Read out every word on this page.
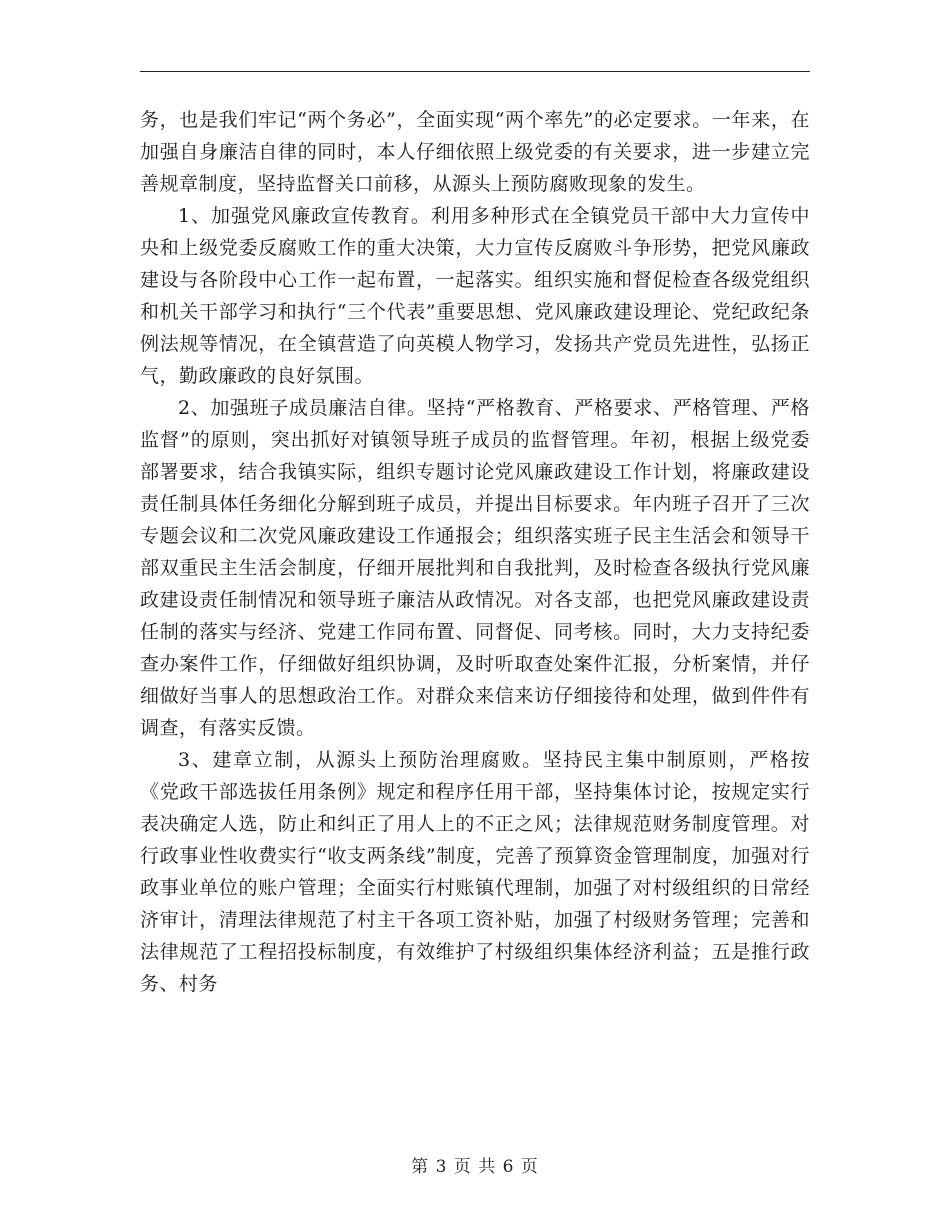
务，也是我们牢记“两个务必”，全面实现“两个率先”的必定要求。一年来，在加强自身廉洁自律的同时，本人仔细依照上级党委的有关要求，进一步建立完善规章制度，坚持监督关口前移，从源头上预防腐败现象的发生。

1、加强党风廉政宣传教育。利用多种形式在全镇党员干部中大力宣传中央和上级党委反腐败工作的重大决策，大力宣传反腐败斗争形势，把党风廉政建设与各阶段中心工作一起布置，一起落实。组织实施和督促检查各级党组织和机关干部学习和执行“三个代表”重要思想、党风廉政建设理论、党纪政纪条例法规等情况，在全镇营造了向英模人物学习，发扬共产党员先进性，弘扬正气，勤政廉政的良好氛围。

2、加强班子成员廉洁自律。坚持“严格教育、严格要求、严格管理、严格监督”的原则，突出抓好对镇领导班子成员的监督管理。年初，根据上级党委部署要求，结合我镇实际，组织专题讨论党风廉政建设工作计划，将廉政建设责任制具体任务细化分解到班子成员，并提出目标要求。年内班子召开了三次专题会议和二次党风廉政建设工作通报会；组织落实班子民主生活会和领导干部双重民主生活会制度，仔细开展批判和自我批判，及时检查各级执行党风廉政建设责任制情况和领导班子廉洁从政情况。对各支部，也把党风廉政建设责任制的落实与经济、党建工作同布置、同督促、同考核。同时，大力支持纪委查办案件工作，仔细做好组织协调，及时听取查处案件汇报，分析案情，并仔细做好当事人的思想政治工作。对群众来信来访仔细接待和处理，做到件件有调查，有落实反馈。

3、建章立制，从源头上预防治理腐败。坚持民主集中制原则，严格按《党政干部选拔任用条例》规定和程序任用干部，坚持集体讨论，按规定实行表决确定人选，防止和纠正了用人上的不正之风；法律规范财务制度管理。对行政事业性收费实行“收支两条线”制度，完善了预算资金管理制度，加强对行政事业单位的账户管理；全面实行村账镇代理制，加强了对村级组织的日常经济审计，清理法律规范了村主干各项工资补贴，加强了村级财务管理；完善和法律规范了工程招投标制度，有效维护了村级组织集体经济利益；五是推行政务、村务

第 3 页 共 6 页
